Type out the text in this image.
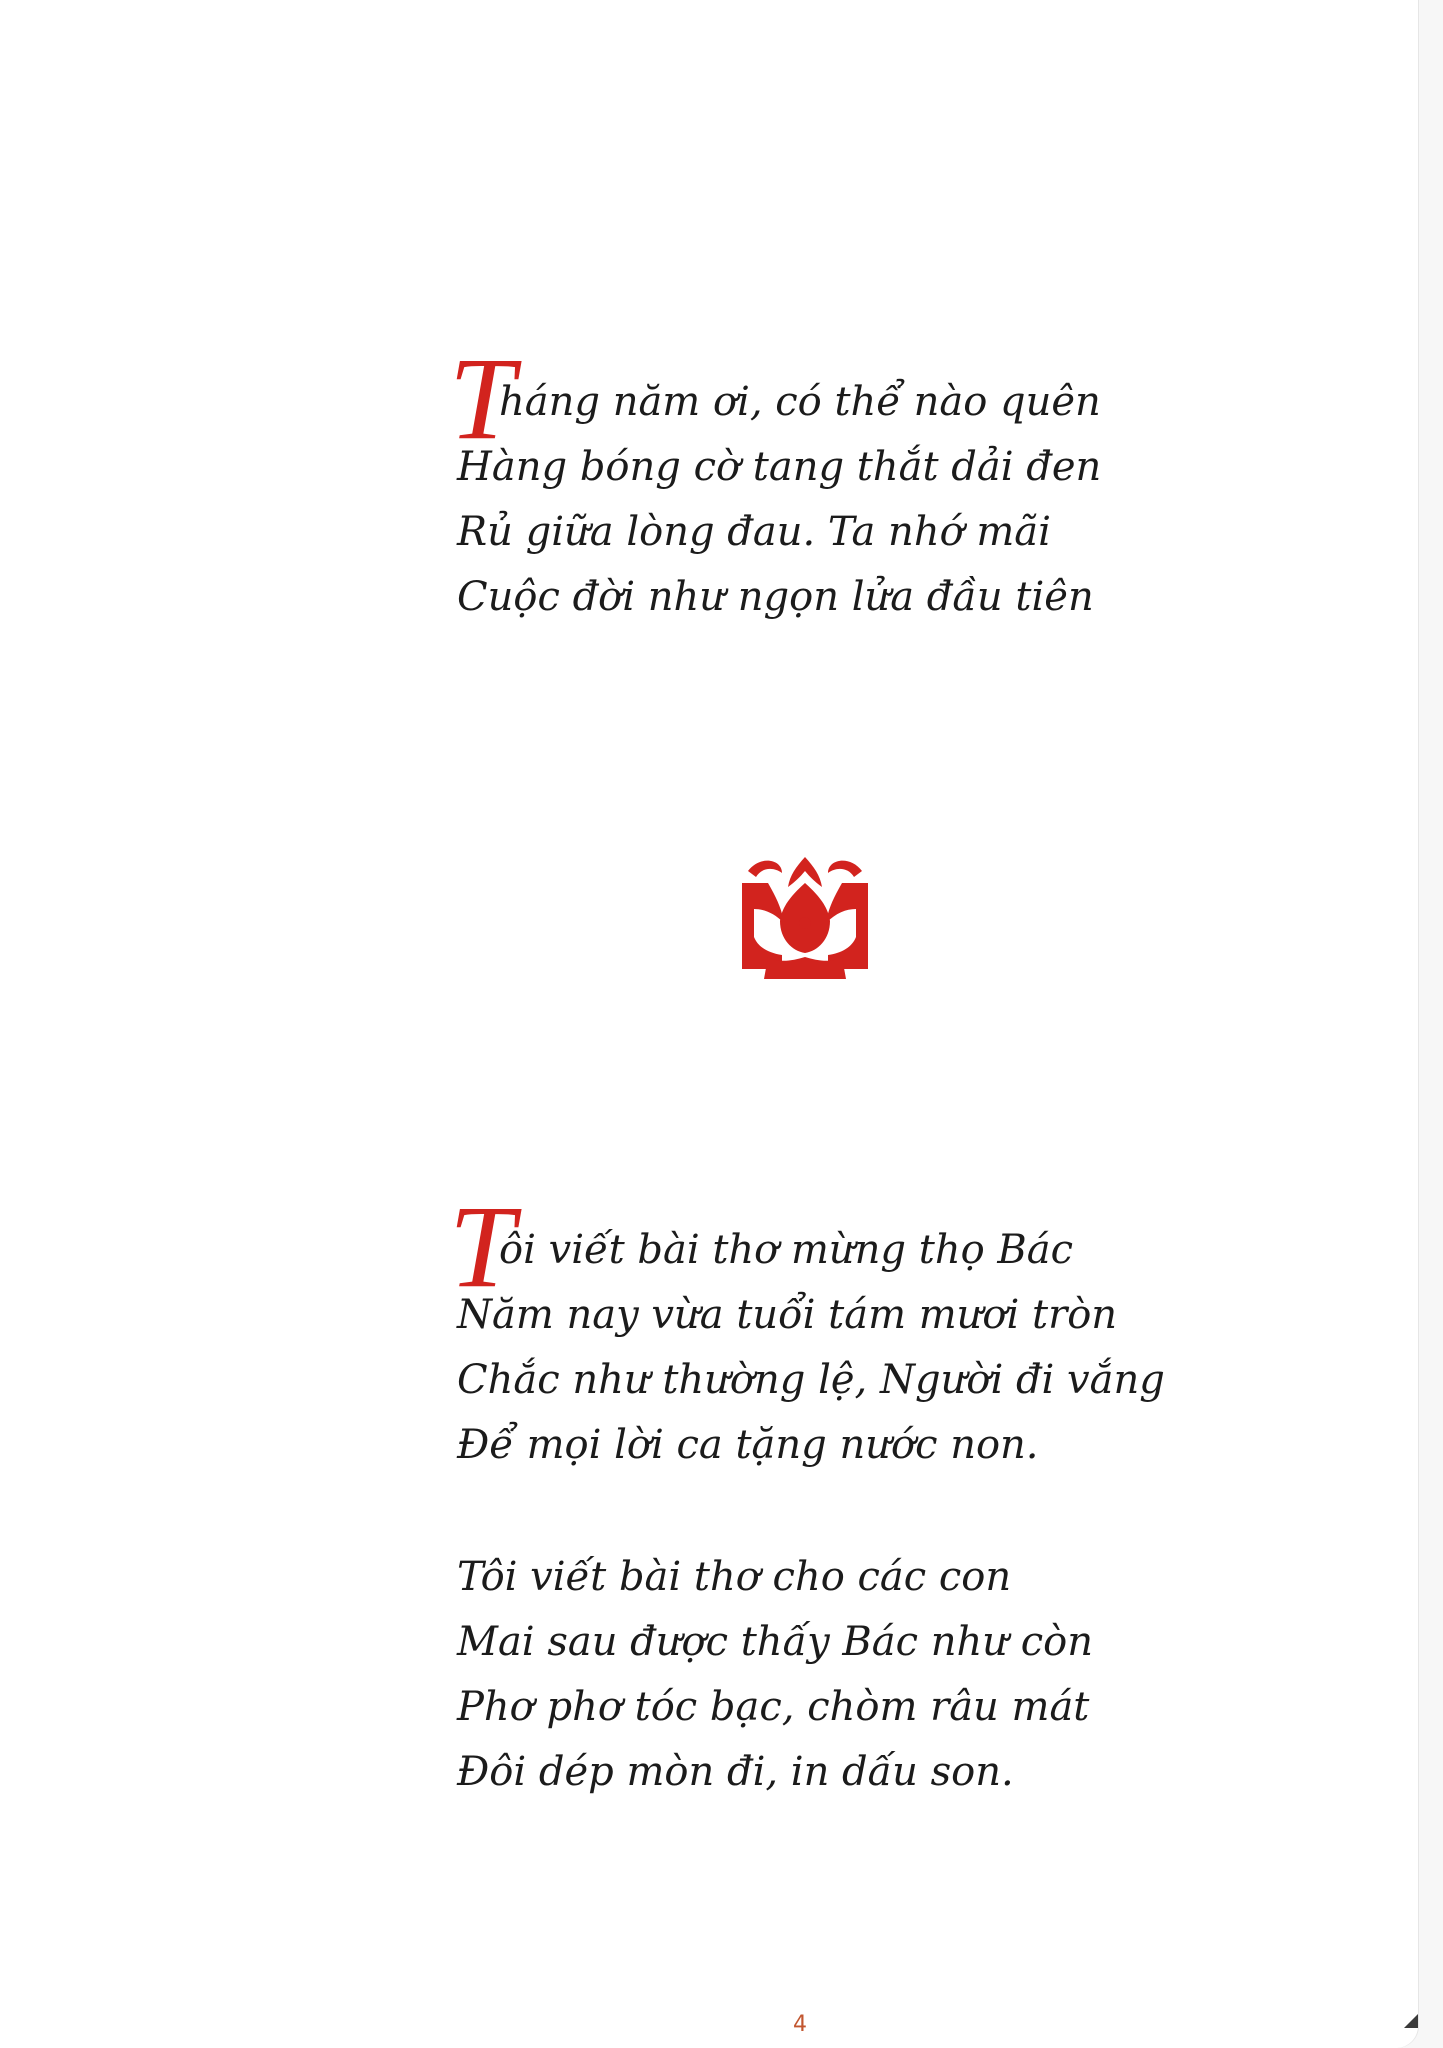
T
háng năm ơi, có thể nào quên
Hàng bóng cờ tang thắt dải đen
Rủ giữa lòng đau. Ta nhớ mãi
Cuộc đời như ngọn lửa đầu tiên
T
ôi viết bài thơ mừng thọ Bác
Năm nay vừa tuổi tám mươi tròn
Chắc như thường lệ, Người đi vắng
Để mọi lời ca tặng nước non.
Tôi viết bài thơ cho các con
Mai sau được thấy Bác như còn
Phơ phơ tóc bạc, chòm râu mát
Đôi dép mòn đi, in dấu son.
4
